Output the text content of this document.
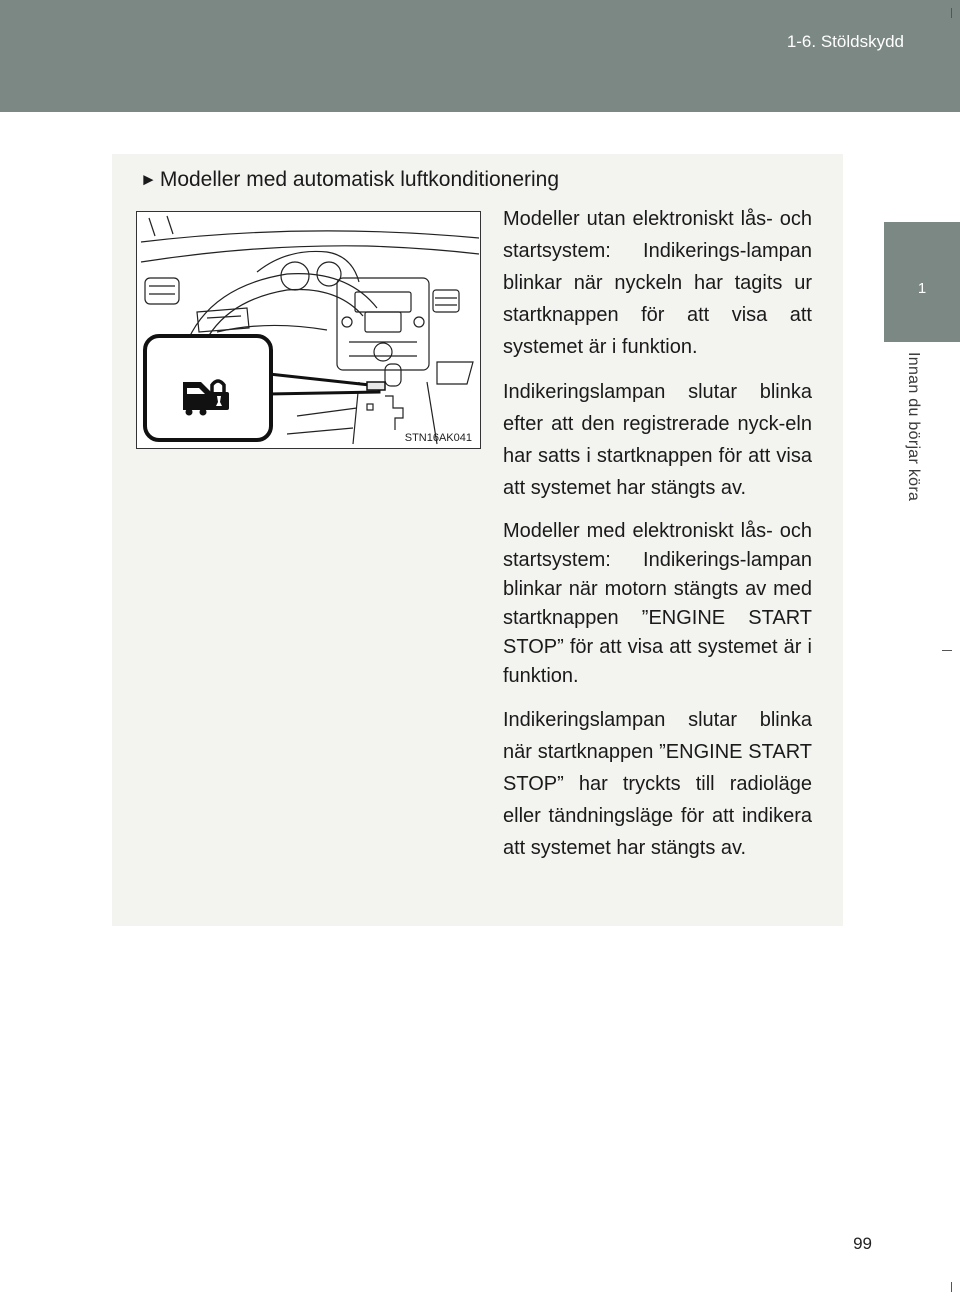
1-6. Stöldskydd
1
Innan du börjar köra
► Modeller med automatisk luftkonditionering
STN16AK041

Modeller utan elektroniskt lås- och startsystem: Indikerings-lampan blinkar när nyckeln har tagits ur startknappen för att visa att systemet är i funktion.

Indikeringslampan slutar blinka efter att den registrerade nyck-eln har satts i startknappen för att visa att systemet har stängts av.

Modeller med elektroniskt lås- och startsystem: Indikerings-lampan blinkar när motorn stängts av med startknappen ”ENGINE START STOP” för att visa att systemet är i funktion.

Indikeringslampan slutar blinka när startknappen ”ENGINE START STOP” har tryckts till radioläge eller tändningsläge för att indikera att systemet har stängts av.

99
